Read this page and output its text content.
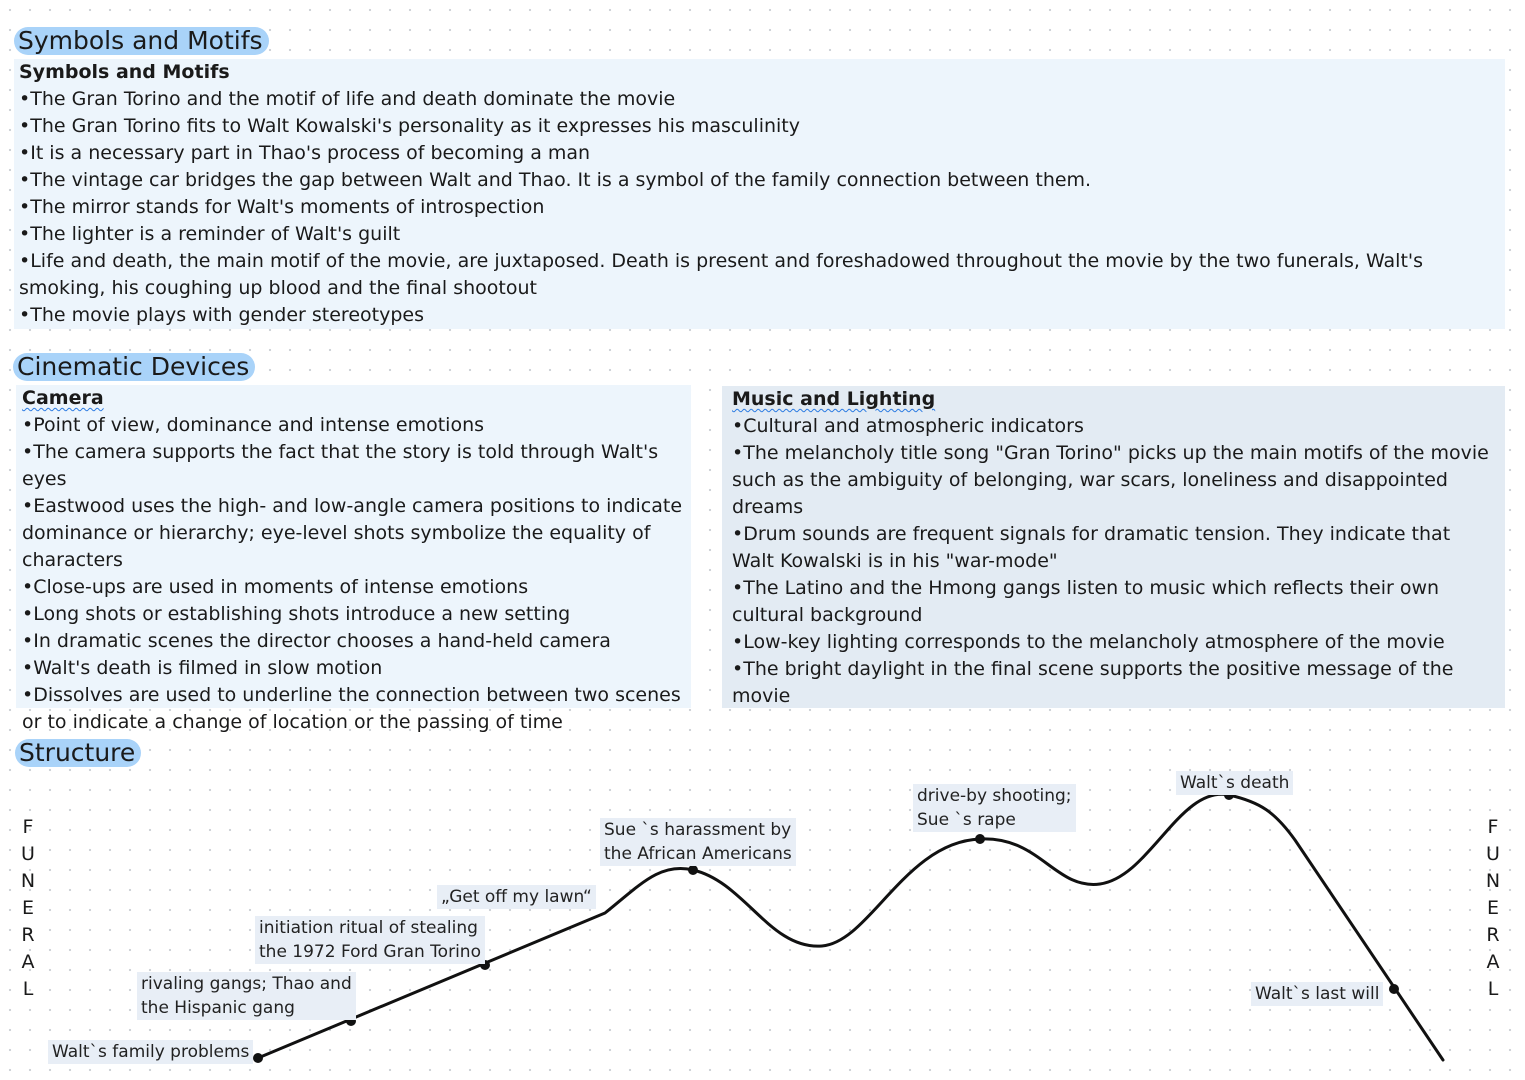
Symbols and Motifs
Symbols and Motifs
• The Gran Torino and the motif of life and death dominate the movie
• The Gran Torino fits to Walt Kowalski's personality as it expresses his masculinity
• It is a necessary part in Thao's process of becoming a man
• The vintage car bridges the gap between Walt and Thao. It is a symbol of the family connection between them.
• The mirror stands for Walt's moments of introspection
• The lighter is a reminder of Walt's guilt
• Life and death, the main motif of the movie, are juxtaposed. Death is present and foreshadowed throughout the movie by the two funerals, Walt's smoking, his coughing up blood and the final shootout
• The movie plays with gender stereotypes
Cinematic Devices
Camera
• Point of view, dominance and intense emotions
• The camera supports the fact that the story is told through Walt's eyes
• Eastwood uses the high- and low-angle camera positions to indicate dominance or hierarchy; eye-level shots symbolize the equality of characters
• Close-ups are used in moments of intense emotions
• Long shots or establishing shots introduce a new setting
• In dramatic scenes the director chooses a hand-held camera
• Walt's death is filmed in slow motion
• Dissolves are used to underline the connection between two scenes or to indicate a change of location or the passing of time
Music and Lighting
• Cultural and atmospheric indicators
• The melancholy title song "Gran Torino" picks up the main motifs of the movie such as the ambiguity of belonging, war scars, loneliness and disappointed dreams
• Drum sounds are frequent signals for dramatic tension. They indicate that Walt Kowalski is in his "war-mode"
• The Latino and the Hmong gangs listen to music which reflects their own cultural background
• Low-key lighting corresponds to the melancholy atmosphere of the movie
• The bright daylight in the final scene supports the positive message of the movie
Structure
F
U
N
E
R
A
L
F
U
N
E
R
A
L
Walt`s family problems
rivaling gangs; Thao and
the Hispanic gang
initiation ritual of stealing
the 1972 Ford Gran Torino
„Get off my lawn“
Sue `s harassment by
the African Americans
drive-by shooting;
Sue `s rape
Walt`s death
Walt`s last will
